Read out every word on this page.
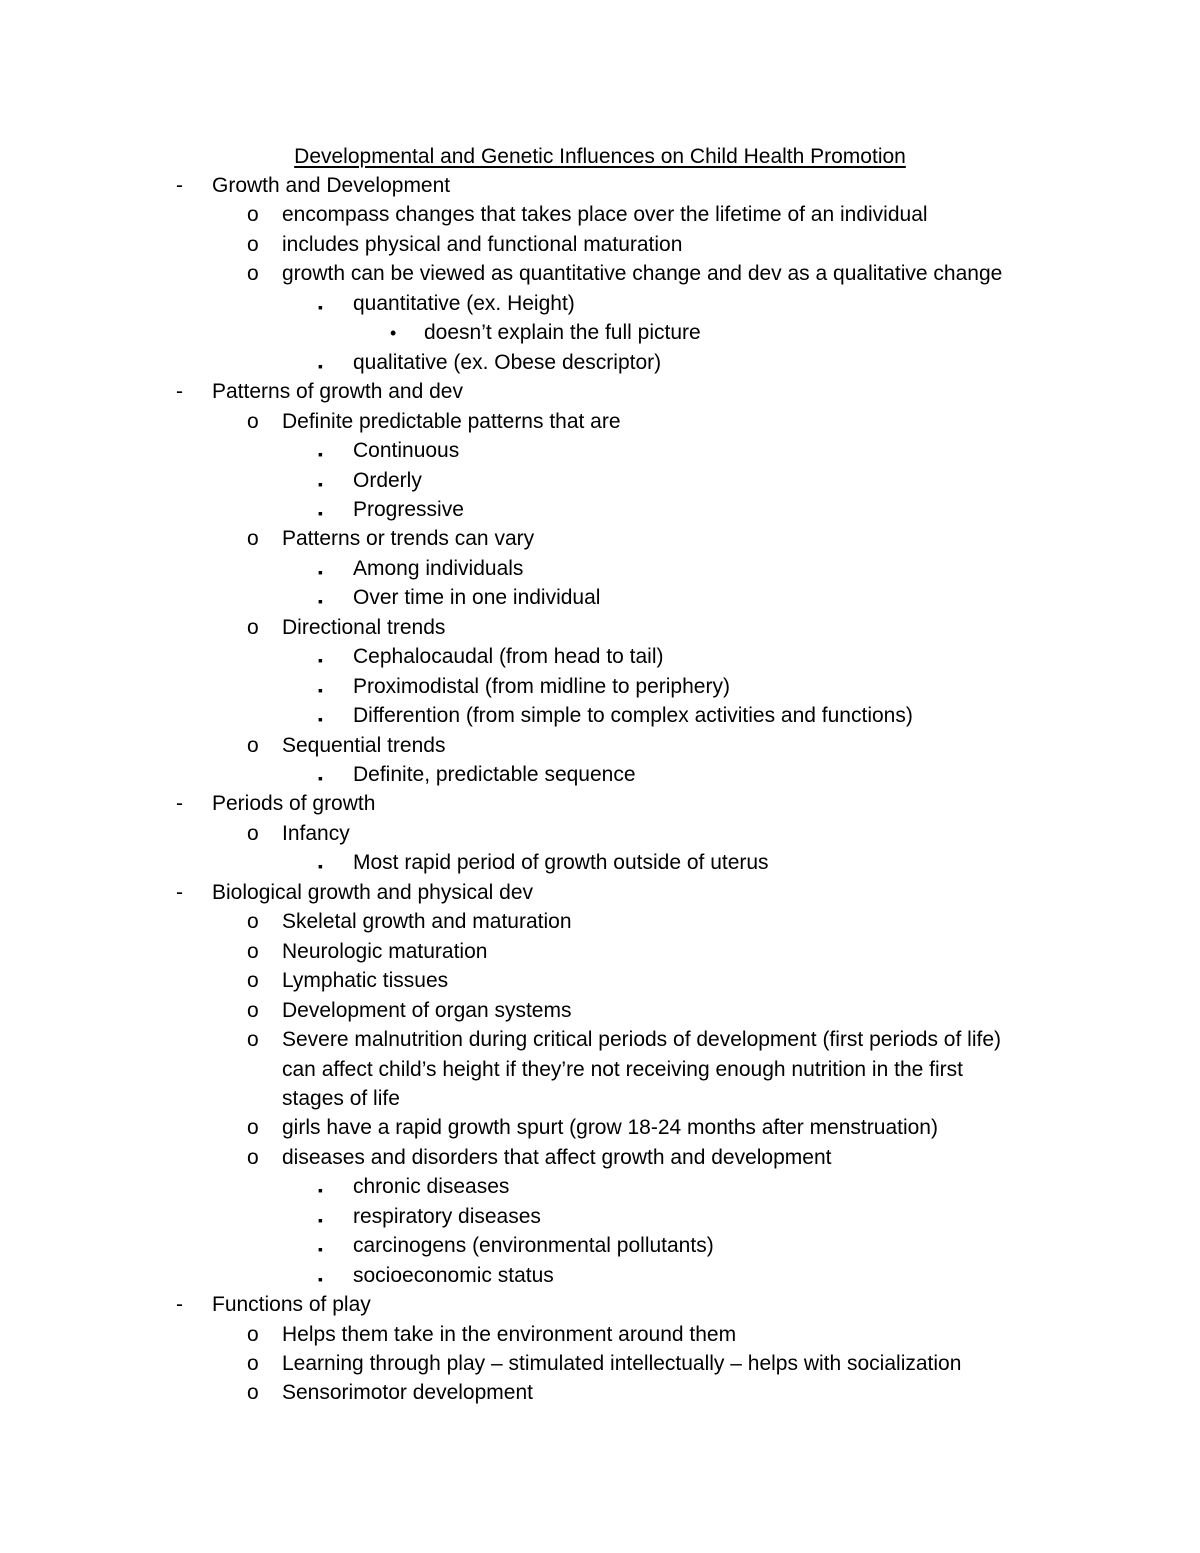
Developmental and Genetic Influences on Child Health Promotion
- Growth and Development
o encompass changes that takes place over the lifetime of an individual
o includes physical and functional maturation
o growth can be viewed as quantitative change and dev as a qualitative change
▪ quantitative (ex. Height)
• doesn’t explain the full picture
▪ qualitative (ex. Obese descriptor)
- Patterns of growth and dev
o Definite predictable patterns that are
▪ Continuous
▪ Orderly
▪ Progressive
o Patterns or trends can vary
▪ Among individuals
▪ Over time in one individual
o Directional trends
▪ Cephalocaudal (from head to tail)
▪ Proximodistal (from midline to periphery)
▪ Differention (from simple to complex activities and functions)
o Sequential trends
▪ Definite, predictable sequence
- Periods of growth
o Infancy
▪ Most rapid period of growth outside of uterus
- Biological growth and physical dev
o Skeletal growth and maturation
o Neurologic maturation
o Lymphatic tissues
o Development of organ systems
o Severe malnutrition during critical periods of development (first periods of life)
can affect child’s height if they’re not receiving enough nutrition in the first
stages of life
o girls have a rapid growth spurt (grow 18-24 months after menstruation)
o diseases and disorders that affect growth and development
▪ chronic diseases
▪ respiratory diseases
▪ carcinogens (environmental pollutants)
▪ socioeconomic status
- Functions of play
o Helps them take in the environment around them
o Learning through play – stimulated intellectually – helps with socialization
o Sensorimotor development
